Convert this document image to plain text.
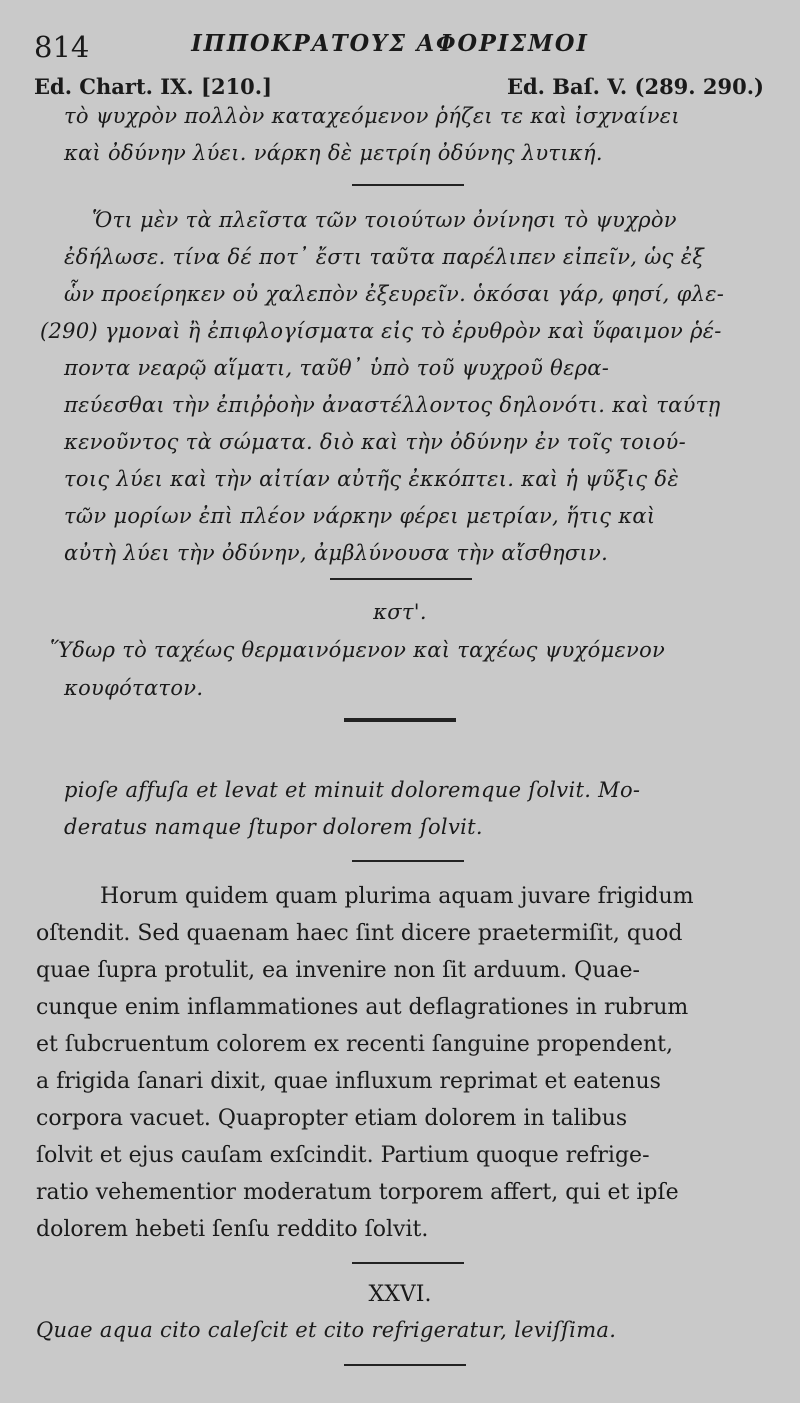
814	ΙΠΠΟΚΡΑΤΟΥΣ ΑΦΟΡΙΣΜΟΙ
Ed. Chart. IX. [210.]	Ed. Baſ. V. (289. 290.)
τὸ ψυχρὸν πολλὸν καταχεόμενον ῥήζει τε καὶ ἰσχναίνει
καὶ ὀδύνην λύει. νάρκη δὲ μετρίη ὀδύνης λυτική.
Ὅτι μὲν τὰ πλεῖστα τῶν τοιούτων ὀνίνησι τὸ ψυχρὸν
ἐδήλωσε. τίνα δέ ποτ᾽ ἔστι ταῦτα παρέλιπεν εἰπεῖν, ὡς ἐξ
ὧν προείρηκεν οὐ χαλεπὸν ἐξευρεῖν. ὁκόσαι γάρ, φησί, φλε-
(290) γμοναὶ ἢ ἐπιφλογίσματα εἰς τὸ ἐρυθρὸν καὶ ὕφαιμον ῥέ-
ποντα νεαρῷ αἵματι, ταῦθ᾽ ὑπὸ τοῦ ψυχροῦ θερα-
πεύεσθαι τὴν ἐπιῤῥοὴν ἀναστέλλοντος δηλονότι. καὶ ταύτῃ
κενοῦντος τὰ σώματα. διὸ καὶ τὴν ὀδύνην ἐν τοῖς τοιού-
τοις λύει καὶ τὴν αἰτίαν αὐτῆς ἐκκόπτει. καὶ ἡ ψῦξις δὲ
τῶν μορίων ἐπὶ πλέον νάρκην φέρει μετρίαν, ἥτις καὶ
αὐτὴ λύει τὴν ὀδύνην, ἀμβλύνουσα τὴν αἴσθησιν.
κστ'.
Ὕδωρ τὸ ταχέως θερμαινόμενον καὶ ταχέως ψυχόμενον
κουφότατον.
pioſe affuſa et levat et minuit doloremque ſolvit. Mo-
deratus namque ſtupor dolorem ſolvit.
Horum quidem quam plurima aquam juvare frigidum
oſtendit. Sed quaenam haec ſint dicere praetermiſit, quod
quae ſupra protulit, ea invenire non ſit arduum. Quae-
cunque enim inflammationes aut deflagrationes in rubrum
et ſubcruentum colorem ex recenti ſanguine propendent,
a frigida ſanari dixit, quae influxum reprimat et eatenus
corpora vacuet. Quapropter etiam dolorem in talibus
ſolvit et ejus cauſam exſcindit. Partium quoque refrige-
ratio vehementior moderatum torporem affert, qui et ipſe
dolorem hebeti ſenſu reddito ſolvit.
XXVI.
Quae aqua cito caleſcit et cito refrigeratur, leviſſima.
